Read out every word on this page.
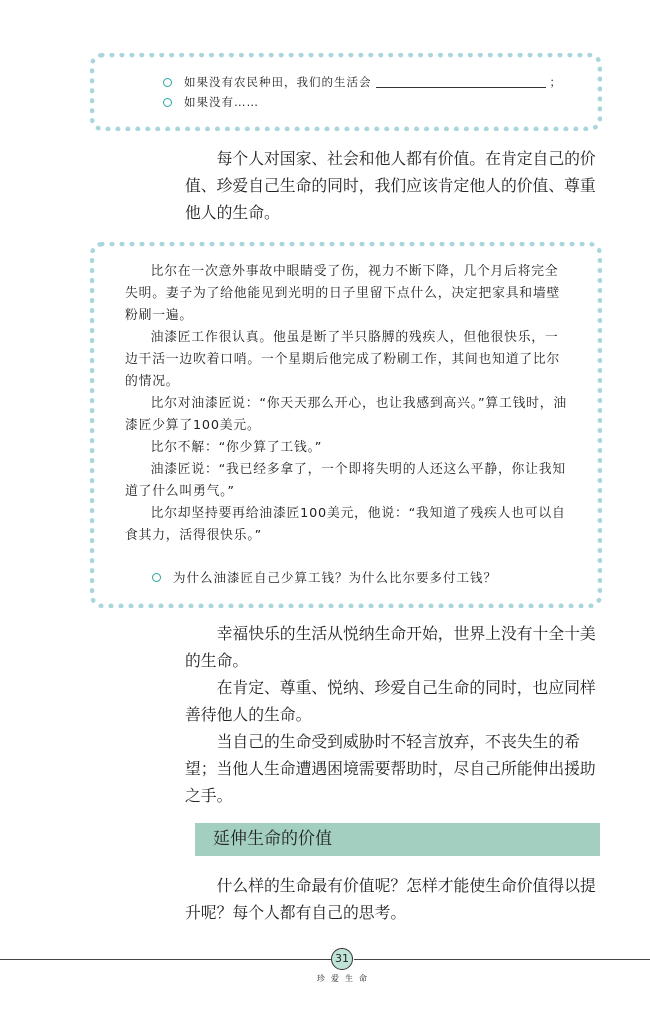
如果没有农民种田，我们的生活会	；
如果没有……

每个人对国家、社会和他人都有价值。在肯定自己的价值、珍爱自己生命的同时，我们应该肯定他人的价值、尊重他人的生命。

比尔在一次意外事故中眼睛受了伤，视力不断下降，几个月后将完全失明。妻子为了给他能见到光明的日子里留下点什么，决定把家具和墙壁粉刷一遍。

油漆匠工作很认真。他虽是断了半只胳膊的残疾人，但他很快乐，一边干活一边吹着口哨。一个星期后他完成了粉刷工作，其间也知道了比尔的情况。

比尔对油漆匠说：“你天天那么开心，也让我感到高兴。”算工钱时，油漆匠少算了100美元。

比尔不解：“你少算了工钱。”

油漆匠说：“我已经多拿了，一个即将失明的人还这么平静，你让我知道了什么叫勇气。”

比尔却坚持要再给油漆匠100美元，他说：“我知道了残疾人也可以自食其力，活得很快乐。”

为什么油漆匠自己少算工钱？为什么比尔要多付工钱？

幸福快乐的生活从悦纳生命开始，世界上没有十全十美的生命。

在肯定、尊重、悦纳、珍爱自己生命的同时，也应同样善待他人的生命。

当自己的生命受到威胁时不轻言放弃，不丧失生的希望；当他人生命遭遇困境需要帮助时，尽自己所能伸出援助之手。

延伸生命的价值

什么样的生命最有价值呢？怎样才能使生命价值得以提升呢？每个人都有自己的思考。

31
珍爱生命
